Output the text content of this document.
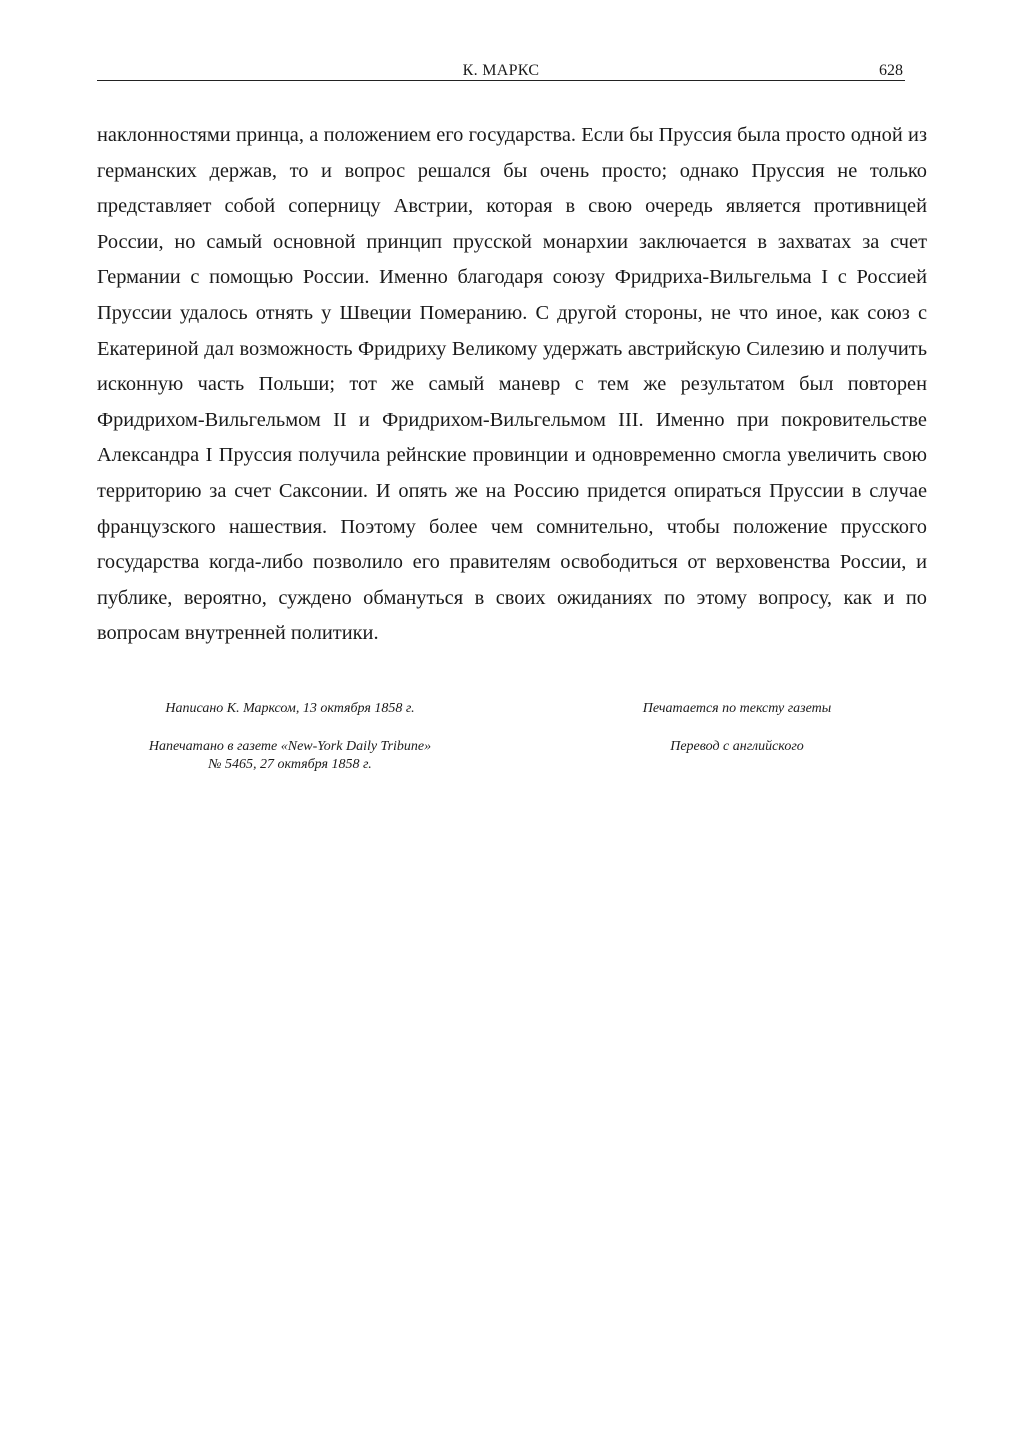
К. МАРКС	628

наклонностями принца, а положением его государства. Если бы Пруссия была просто одной из германских держав, то и вопрос решался бы очень просто; однако Пруссия не только представляет собой соперницу Австрии, которая в свою очередь является противницей России, но самый основной принцип прусской монархии заключается в захватах за счет Германии с помощью России. Именно благодаря союзу Фридриха-Вильгельма I с Россией Пруссии удалось отнять у Швеции Померанию. С другой стороны, не что иное, как союз с Екатериной дал возможность Фридриху Великому удержать австрийскую Силезию и получить исконную часть Польши; тот же самый маневр с тем же результатом был повторен Фридрихом-Вильгельмом II и Фридрихом-Вильгельмом III. Именно при покровительстве Александра I Пруссия получила рейнские провинции и одновременно смогла увеличить свою территорию за счет Саксонии. И опять же на Россию придется опираться Пруссии в случае французского нашествия. Поэтому более чем сомнительно, чтобы положение прусского государства когда-либо позволило его правителям освободиться от верховенства России, и публике, вероятно, суждено обмануться в своих ожиданиях по этому вопросу, как и по вопросам внутренней политики.

Написано К. Марксом, 13 октября 1858 г.
Напечатано в газете «New-York Daily Tribune»
№ 5465, 27 октября 1858 г.
Печатается по тексту газеты
Перевод с английского
